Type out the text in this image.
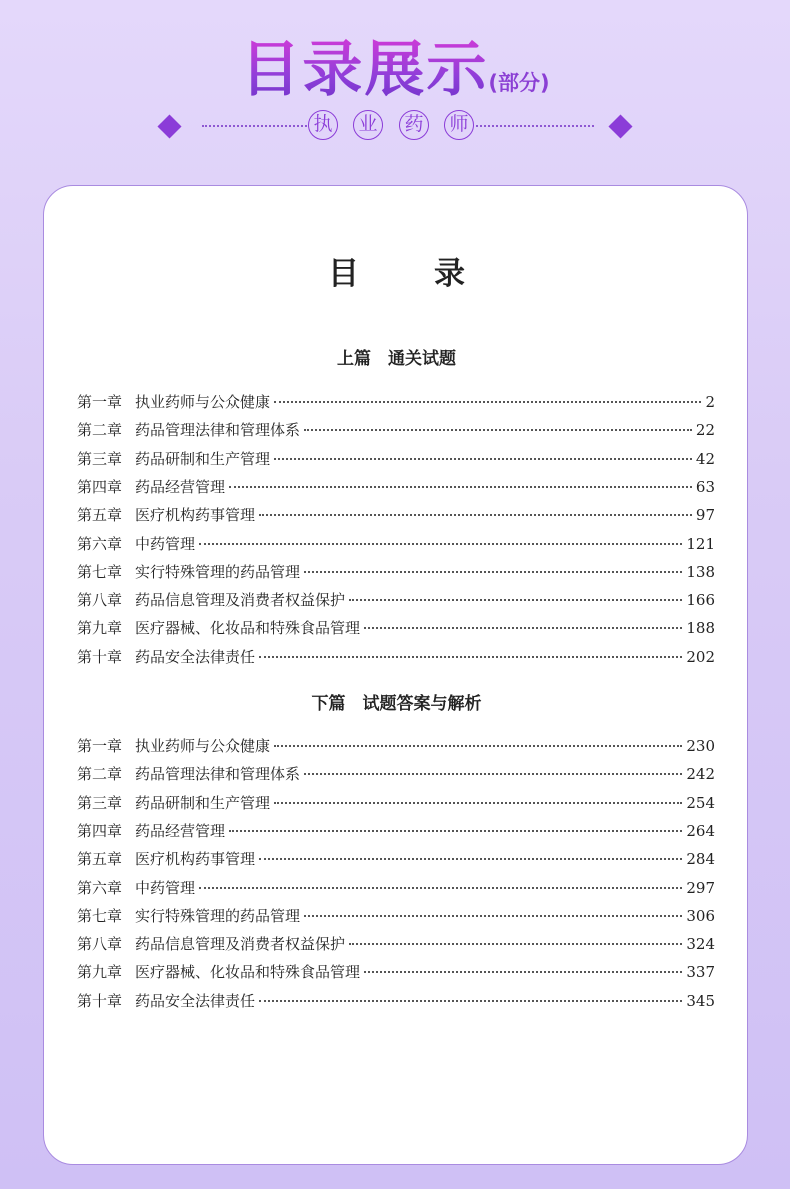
目录展示(部分)
执 业 药 师
目　录
上篇　通关试题
第一章 执业药师与公众健康	2
第二章 药品管理法律和管理体系	22
第三章 药品研制和生产管理	42
第四章 药品经营管理	63
第五章 医疗机构药事管理	97
第六章 中药管理	121
第七章 实行特殊管理的药品管理	138
第八章 药品信息管理及消费者权益保护	166
第九章 医疗器械、化妆品和特殊食品管理	188
第十章 药品安全法律责任	202
下篇　试题答案与解析
第一章 执业药师与公众健康	230
第二章 药品管理法律和管理体系	242
第三章 药品研制和生产管理	254
第四章 药品经营管理	264
第五章 医疗机构药事管理	284
第六章 中药管理	297
第七章 实行特殊管理的药品管理	306
第八章 药品信息管理及消费者权益保护	324
第九章 医疗器械、化妆品和特殊食品管理	337
第十章 药品安全法律责任	345
